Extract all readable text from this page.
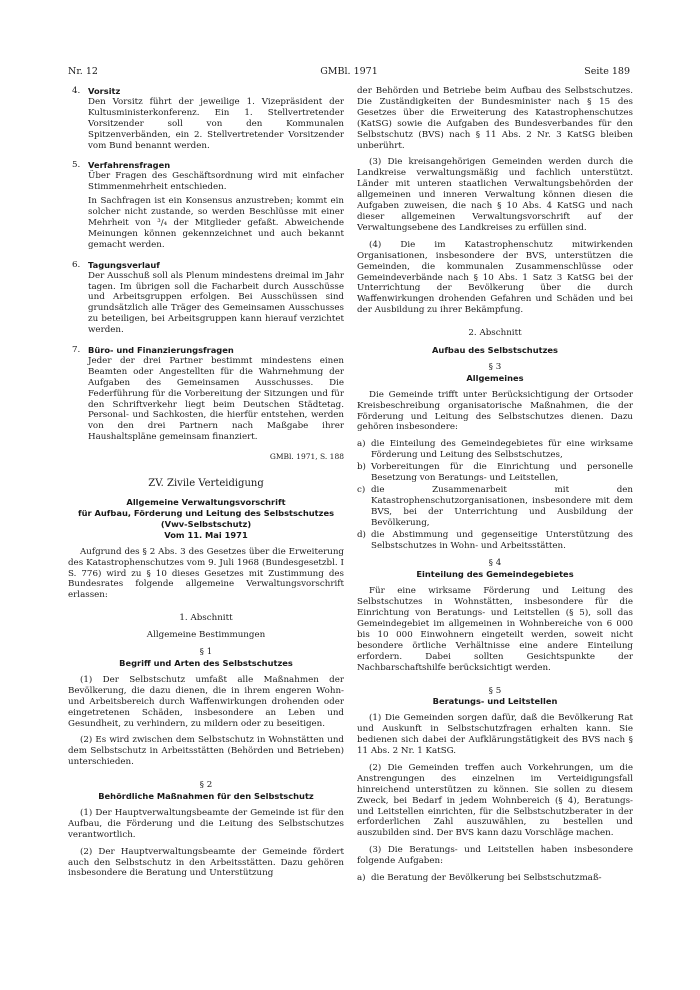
Nr. 12	GMBl. 1971	Seite 189
4. Vorsitz

Den Vorsitz führt der jeweilige 1. Vizepräsident der Kultusministerkonferenz. Ein 1. Stellvertretender Vorsitzender soll von den Kommunalen Spitzenverbänden, ein 2. Stellvertretender Vorsitzender vom Bund benannt werden.

5. Verfahrensfragen

Über Fragen des Geschäftsordnung wird mit einfacher Stimmenmehrheit entschieden.

In Sachfragen ist ein Konsensus anzustreben; kommt ein solcher nicht zustande, so werden Beschlüsse mit einer Mehrheit von ³/₄ der Mitglieder gefaßt. Abweichende Meinungen können gekennzeichnet und auch bekannt gemacht werden.

6. Tagungsverlauf

Der Ausschuß soll als Plenum mindestens dreimal im Jahr tagen. Im übrigen soll die Facharbeit durch Ausschüsse und Arbeitsgruppen erfolgen. Bei Ausschüssen sind grundsätzlich alle Träger des Gemeinsamen Ausschusses zu beteiligen, bei Arbeitsgruppen kann hierauf verzichtet werden.

7. Büro- und Finanzierungsfragen

Jeder der drei Partner bestimmt mindestens einen Beamten oder Angestellten für die Wahrnehmung der Aufgaben des Gemeinsamen Ausschusses. Die Federführung für die Vorbereitung der Sitzungen und für den Schriftverkehr liegt beim Deutschen Städtetag. Personal- und Sachkosten, die hierfür entstehen, werden von den drei Partnern nach Maßgabe ihrer Haushaltspläne gemeinsam finanziert.

GMBl. 1971, S. 188
ZV. Zivile Verteidigung
Allgemeine Verwaltungsvorschrift
für Aufbau, Förderung und Leitung des Selbstschutzes
(Vwv-Selbstschutz)
Vom 11. Mai 1971

Aufgrund des § 2 Abs. 3 des Gesetzes über die Erweiterung des Katastrophenschutzes vom 9. Juli 1968 (Bundesgesetzbl. I S. 776) wird zu § 10 dieses Gesetzes mit Zustimmung des Bundesrates folgende allgemeine Verwaltungsvorschrift erlassen:

1. Abschnitt
Allgemeine Bestimmungen
§ 1
Begriff und Arten des Selbstschutzes

(1) Der Selbstschutz umfaßt alle Maßnahmen der Bevölkerung, die dazu dienen, die in ihrem engeren Wohn- und Arbeitsbereich durch Waffenwirkungen drohenden oder eingetretenen Schäden, insbesondere an Leben und Gesundheit, zu verhindern, zu mildern oder zu beseitigen.

(2) Es wird zwischen dem Selbstschutz in Wohnstätten und dem Selbstschutz in Arbeitsstätten (Behörden und Betrieben) unterschieden.

§ 2
Behördliche Maßnahmen für den Selbstschutz

(1) Der Hauptverwaltungsbeamte der Gemeinde ist für den Aufbau, die Förderung und die Leitung des Selbstschutzes verantwortlich.

(2) Der Hauptverwaltungsbeamte der Gemeinde fördert auch den Selbstschutz in den Arbeitsstätten. Dazu gehören insbesondere die Beratung und Unterstützung

der Behörden und Betriebe beim Aufbau des Selbstschutzes. Die Zuständigkeiten der Bundesminister nach § 15 des Gesetzes über die Erweiterung des Katastrophenschutzes (KatSG) sowie die Aufgaben des Bundesverbandes für den Selbstschutz (BVS) nach § 11 Abs. 2 Nr. 3 KatSG bleiben unberührt.

(3) Die kreisangehörigen Gemeinden werden durch die Landkreise verwaltungsmäßig und fachlich unterstützt. Länder mit unteren staatlichen Verwaltungsbehörden der allgemeinen und inneren Verwaltung können diesen die Aufgaben zuweisen, die nach § 10 Abs. 4 KatSG und nach dieser allgemeinen Verwaltungsvorschrift auf der Verwaltungsebene des Landkreises zu erfüllen sind.

(4) Die im Katastrophenschutz mitwirkenden Organisationen, insbesondere der BVS, unterstützen die Gemeinden, die kommunalen Zusammenschlüsse oder Gemeindeverbände nach § 10 Abs. 1 Satz 3 KatSG bei der Unterrichtung der Bevölkerung über die durch Waffenwirkungen drohenden Gefahren und Schäden und bei der Ausbildung zu ihrer Bekämpfung.

2. Abschnitt
Aufbau des Selbstschutzes
§ 3
Allgemeines

Die Gemeinde trifft unter Berücksichtigung der Ortsoder Kreisbeschreibung organisatorische Maßnahmen, die der Förderung und Leitung des Selbstschutzes dienen. Dazu gehören insbesondere:

a) die Einteilung des Gemeindegebietes für eine wirksame Förderung und Leitung des Selbstschutzes,
b) Vorbereitungen für die Einrichtung und personelle Besetzung von Beratungs- und Leitstellen,
c) die Zusammenarbeit mit den Katastrophenschutzorganisationen, insbesondere mit dem BVS, bei der Unterrichtung und Ausbildung der Bevölkerung,
d) die Abstimmung und gegenseitige Unterstützung des Selbstschutzes in Wohn- und Arbeitsstätten.
§ 4
Einteilung des Gemeindegebietes

Für eine wirksame Förderung und Leitung des Selbstschutzes in Wohnstätten, insbesondere für die Einrichtung von Beratungs- und Leitstellen (§ 5), soll das Gemeindegebiet im allgemeinen in Wohnbereiche von 6 000 bis 10 000 Einwohnern eingeteilt werden, soweit nicht besondere örtliche Verhältnisse eine andere Einteilung erfordern. Dabei sollten Gesichtspunkte der Nachbarschaftshilfe berücksichtigt werden.

§ 5
Beratungs- und Leitstellen

(1) Die Gemeinden sorgen dafür, daß die Bevölkerung Rat und Auskunft in Selbstschutzfragen erhalten kann. Sie bedienen sich dabei der Aufklärungstätigkeit des BVS nach § 11 Abs. 2 Nr. 1 KatSG.

(2) Die Gemeinden treffen auch Vorkehrungen, um die Anstrengungen des einzelnen im Verteidigungsfall hinreichend unterstützen zu können. Sie sollen zu diesem Zweck, bei Bedarf in jedem Wohnbereich (§ 4), Beratungs- und Leitstellen einrichten, für die Selbstschutzberater in der erforderlichen Zahl auszuwählen, zu bestellen und auszubilden sind. Der BVS kann dazu Vorschläge machen.

(3) Die Beratungs- und Leitstellen haben insbesondere folgende Aufgaben:

a) die Beratung der Bevölkerung bei Selbstschutzmaß-
